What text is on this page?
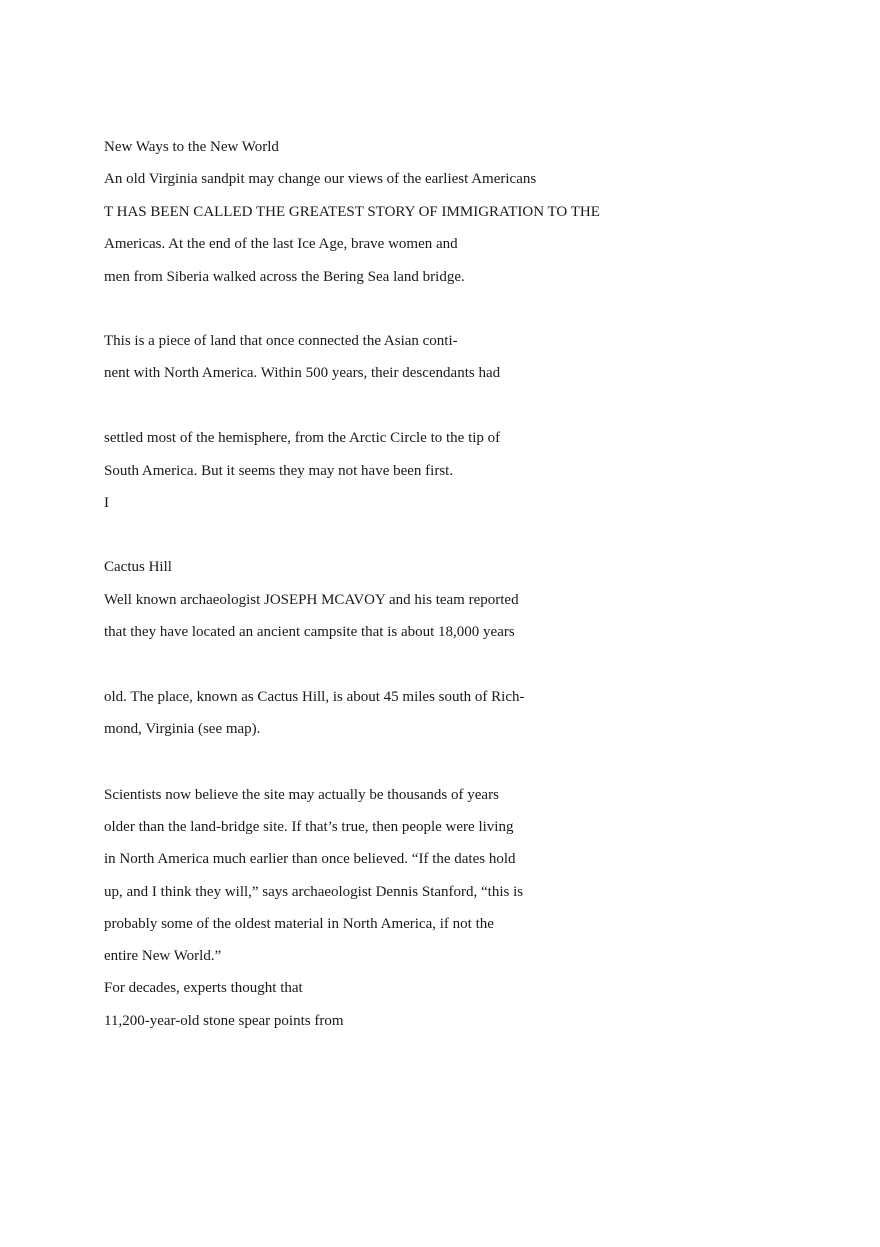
New Ways to the New World
An old Virginia sandpit may change our views of the earliest Americans
T HAS BEEN CALLED THE GREATEST STORY OF IMMIGRATION TO THE
Americas. At the end of the last Ice Age, brave women and
men from Siberia walked across the Bering Sea land bridge.
This is a piece of land that once connected the Asian conti-
nent with North America. Within 500 years, their descendants had
settled most of the hemisphere, from the Arctic Circle to the tip of
South America. But it seems they may not have been first.
I
Cactus Hill
Well known archaeologist JOSEPH MCAVOY and his team reported
that they have located an ancient campsite that is about 18,000 years
old. The place, known as Cactus Hill, is about 45 miles south of Rich-
mond, Virginia (see map).
Scientists now believe the site may actually be thousands of years
older than the land-bridge site. If that’s true, then people were living
in North America much earlier than once believed. “If the dates hold
up, and I think they will,” says archaeologist Dennis Stanford, “this is
probably some of the oldest material in North America, if not the
entire New World.”
For decades, experts thought that
11,200-year-old stone spear points from
